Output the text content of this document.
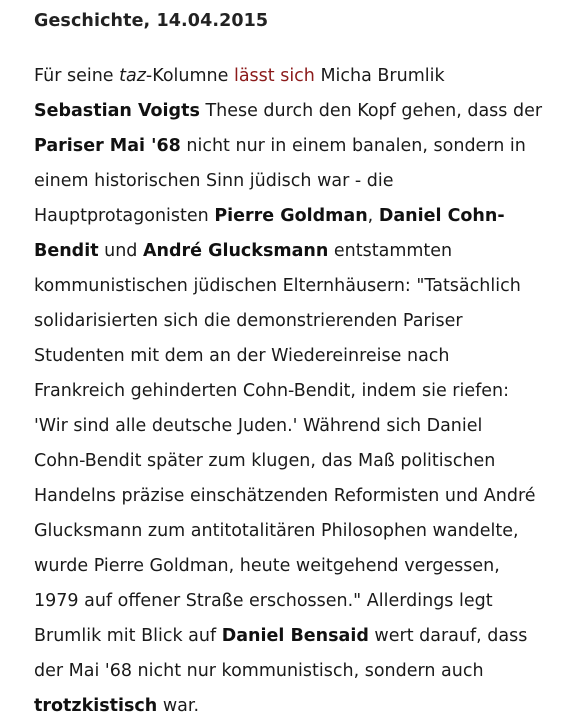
Geschichte, 14.04.2015
Für seine taz-Kolumne lässt sich Micha Brumlik
Sebastian Voigts These durch den Kopf gehen, dass der
Pariser Mai '68 nicht nur in einem banalen, sondern in
einem historischen Sinn jüdisch war - die
Hauptprotagonisten Pierre Goldman, Daniel Cohn-
Bendit und André Glucksmann entstammten
kommunistischen jüdischen Elternhäusern: "Tatsächlich
solidarisierten sich die demonstrierenden Pariser
Studenten mit dem an der Wiedereinreise nach
Frankreich gehinderten Cohn-Bendit, indem sie riefen:
'Wir sind alle deutsche Juden.' Während sich Daniel
Cohn-Bendit später zum klugen, das Maß politischen
Handelns präzise einschätzenden Reformisten und André
Glucksmann zum antitotalitären Philosophen wandelte,
wurde Pierre Goldman, heute weitgehend vergessen,
1979 auf offener Straße erschossen." Allerdings legt
Brumlik mit Blick auf Daniel Bensaid wert darauf, dass
der Mai '68 nicht nur kommunistisch, sondern auch
trotzkistisch war.
